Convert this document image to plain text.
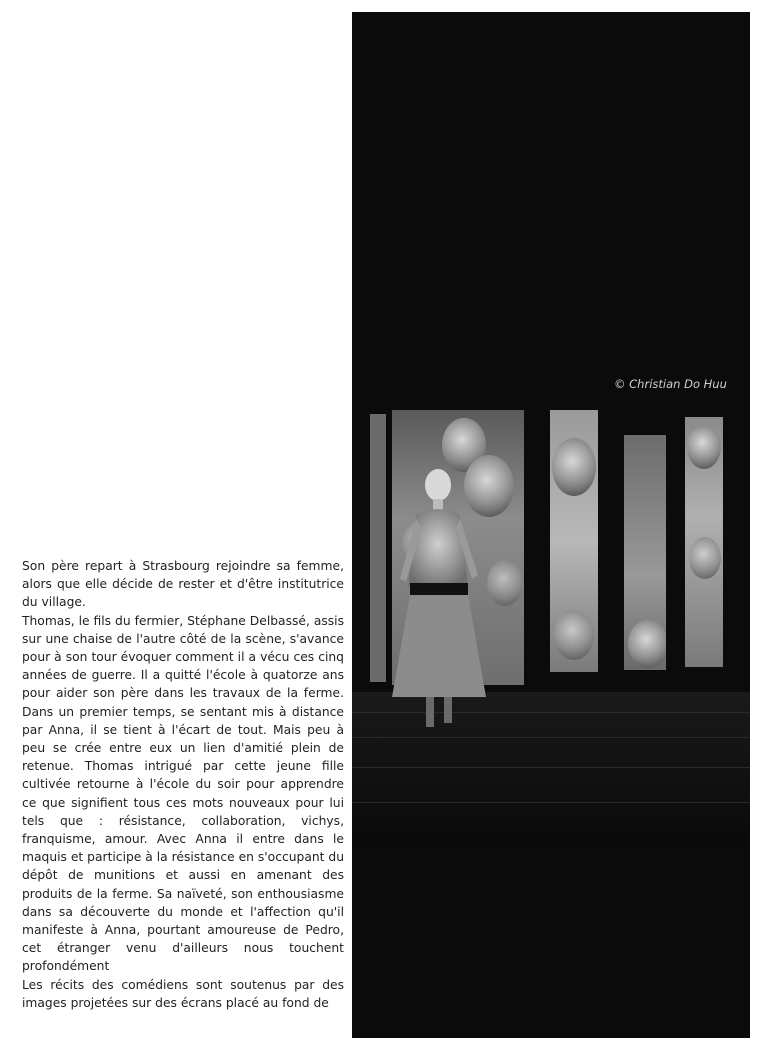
Son père repart à Strasbourg rejoindre sa femme, alors que elle décide de rester et d'être institutrice du village.

Thomas, le fils du fermier, Stéphane Delbassé, assis sur une chaise de l'autre côté de la scène, s'avance pour à son tour évoquer comment il a vécu ces cinq années de guerre. Il a quitté l'école à quatorze ans pour aider son père dans les travaux de la ferme. Dans un premier temps, se sentant mis à distance par Anna, il se tient à l'écart de tout. Mais peu à peu se crée entre eux un lien d'amitié plein de retenue. Thomas intrigué par cette jeune fille cultivée retourne à l'école du soir pour apprendre ce que signifient tous ces mots nouveaux pour lui tels que : résistance, collaboration, vichys, franquisme, amour. Avec Anna il entre dans le maquis et participe à la résistance en s'occupant du dépôt de munitions et aussi en amenant des produits de la ferme. Sa naïveté, son enthousiasme dans sa découverte du monde et l'affection qu'il manifeste à Anna, pourtant amoureuse de Pedro, cet étranger venu d'ailleurs nous touchent profondément

Les récits des comédiens sont soutenus par des images projetées sur des écrans placé au fond de

© Christian Do Huu
